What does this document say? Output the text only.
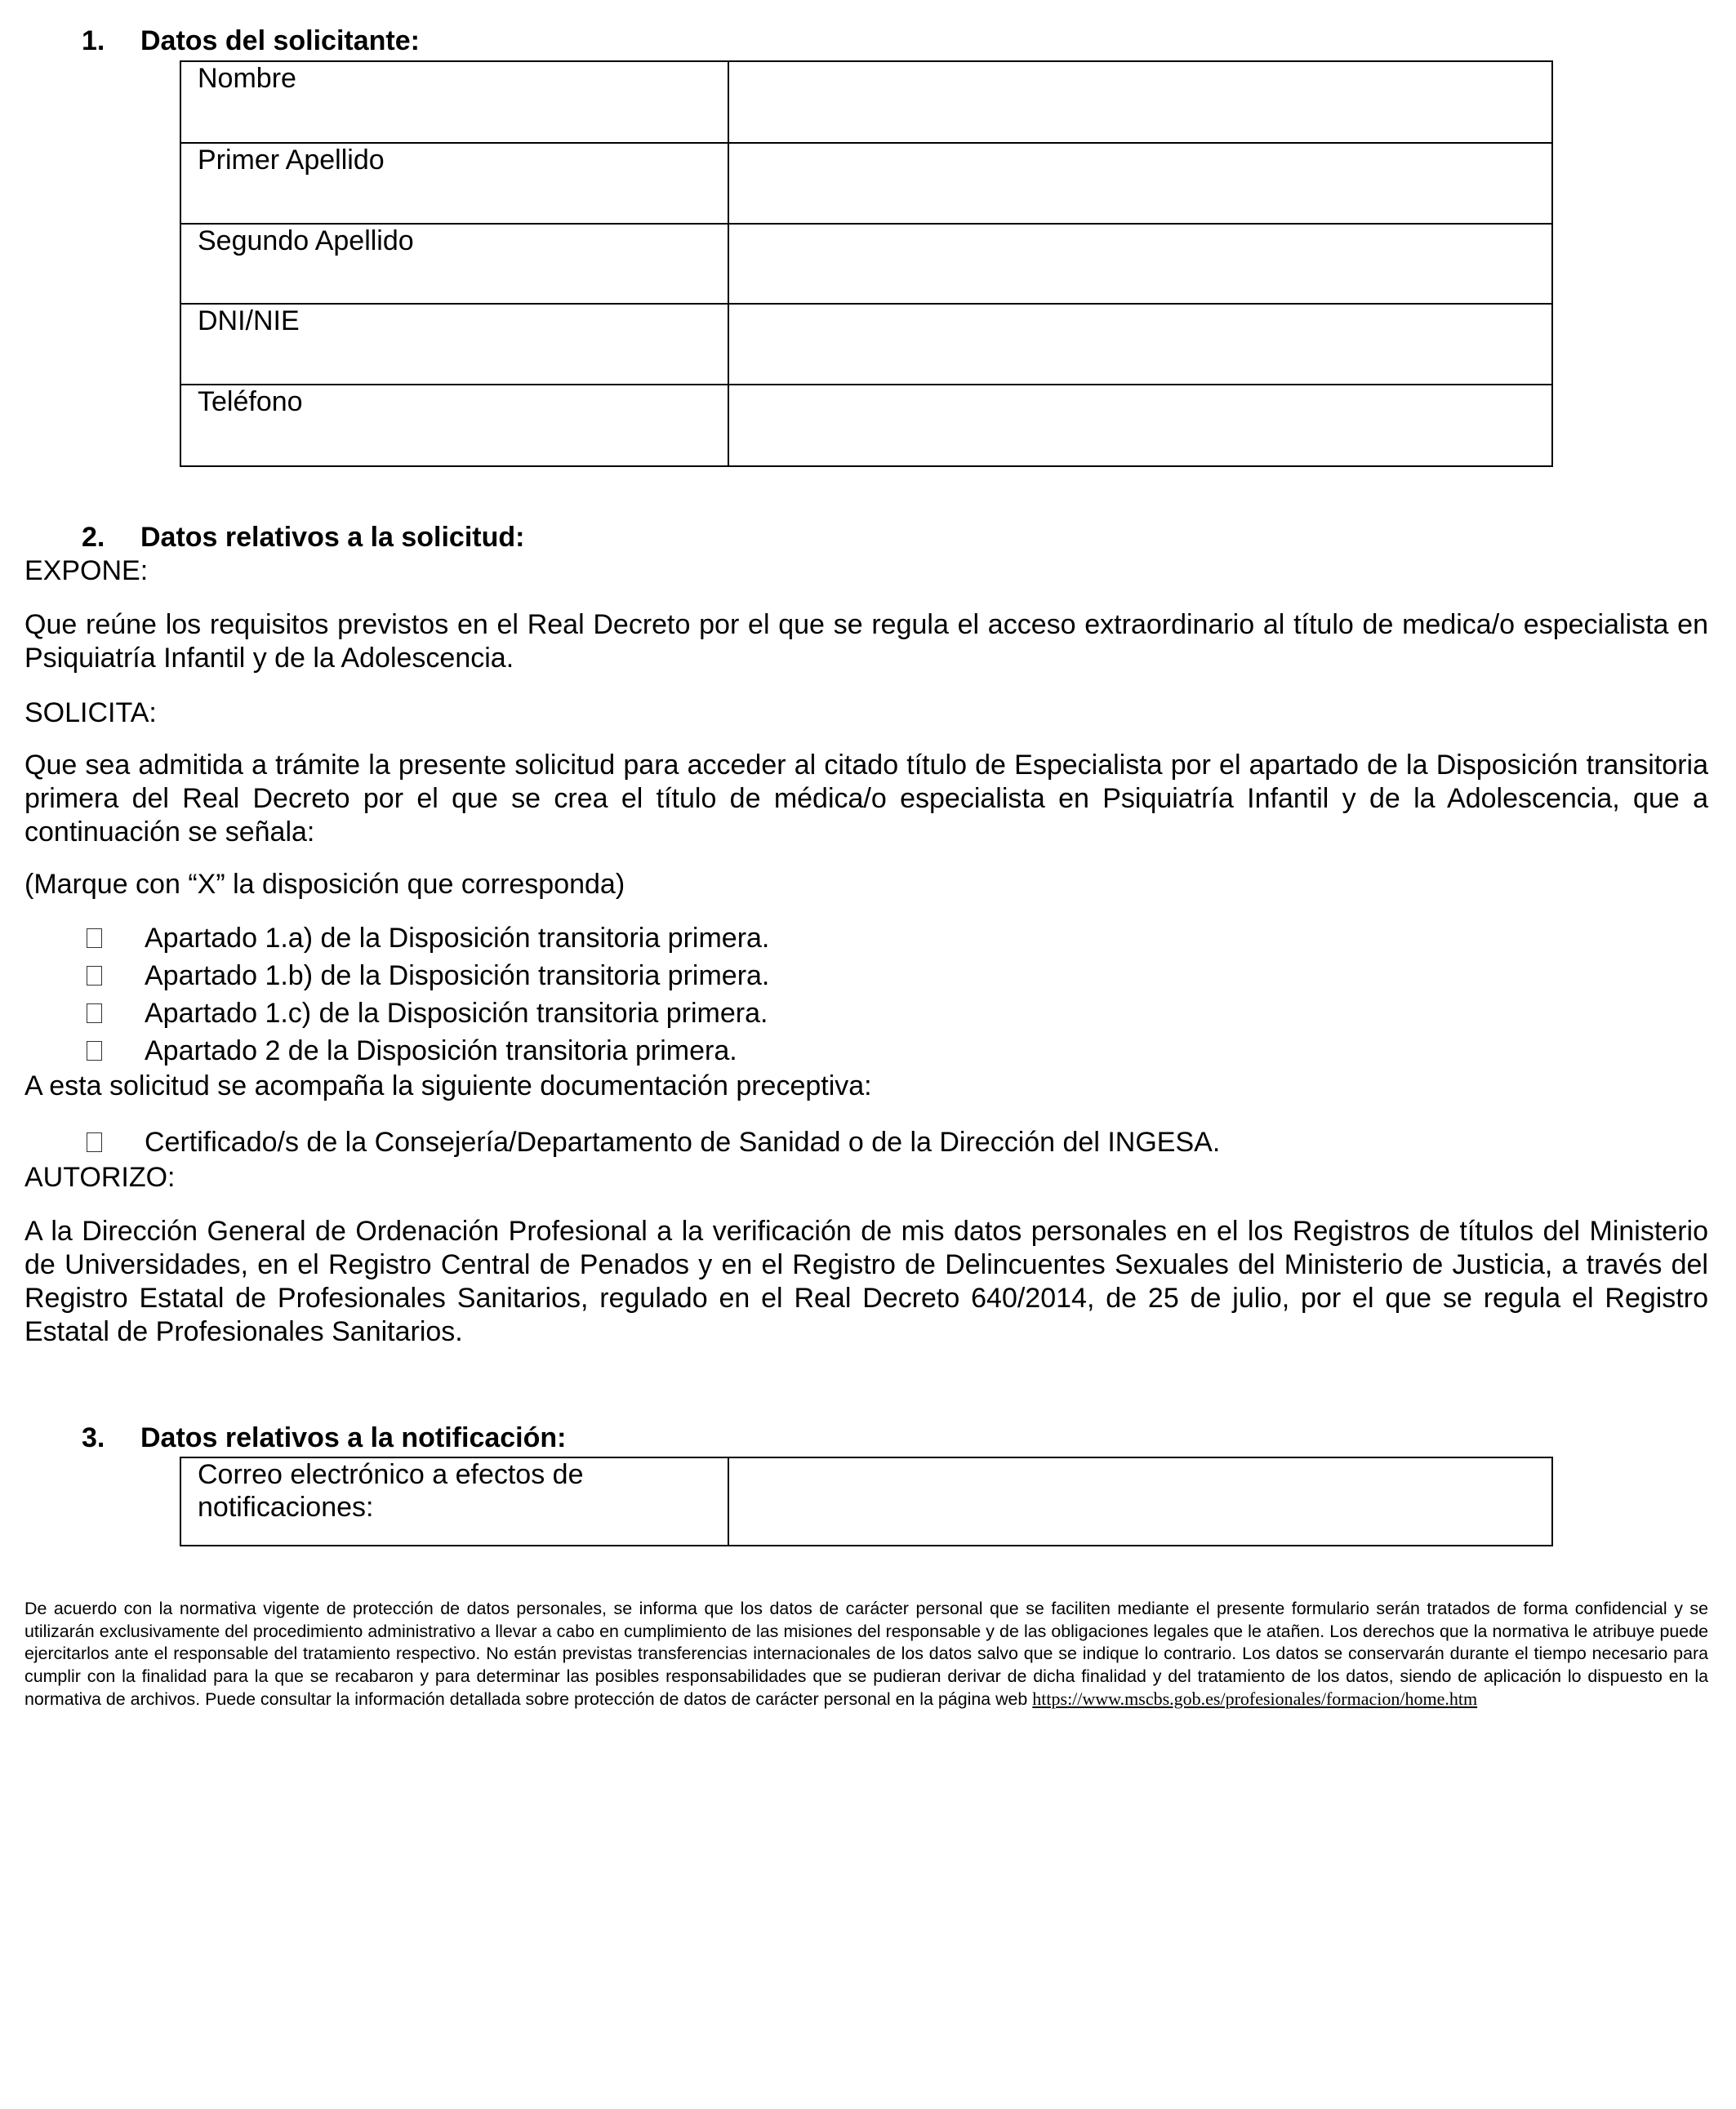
1. Datos del solicitante:
Nombre	
Primer Apellido	
Segundo Apellido	
DNI/NIE	
Teléfono	
2. Datos relativos a la solicitud:
EXPONE:
Que reúne los requisitos previstos en el Real Decreto por el que se regula el acceso extraordinario al título de medica/o especialista en Psiquiatría Infantil y de la Adolescencia.
SOLICITA:
Que sea admitida a trámite la presente solicitud para acceder al citado título de Especialista por el apartado de la Disposición transitoria primera del Real Decreto por el que se crea el título de médica/o especialista en Psiquiatría Infantil y de la Adolescencia, que a continuación se señala:
(Marque con “X” la disposición que corresponda)
Apartado 1.a) de la Disposición transitoria primera.
Apartado 1.b) de la Disposición transitoria primera.
Apartado 1.c) de la Disposición transitoria primera.
Apartado 2 de la Disposición transitoria primera.
A esta solicitud se acompaña la siguiente documentación preceptiva:
Certificado/s de la Consejería/Departamento de Sanidad o de la Dirección del INGESA.
AUTORIZO:
A la Dirección General de Ordenación Profesional a la verificación de mis datos personales en el los Registros de títulos del Ministerio de Universidades, en el Registro Central de Penados y en el Registro de Delincuentes Sexuales del Ministerio de Justicia, a través del Registro Estatal de Profesionales Sanitarios, regulado en el Real Decreto 640/2014, de 25 de julio, por el que se regula el Registro Estatal de Profesionales Sanitarios.
3. Datos relativos a la notificación:
Correo electrónico a efectos de notificaciones:	
De acuerdo con la normativa vigente de protección de datos personales, se informa que los datos de carácter personal que se faciliten mediante el presente formulario serán tratados de forma confidencial y se utilizarán exclusivamente del procedimiento administrativo a llevar a cabo en cumplimiento de las misiones del responsable y de las obligaciones legales que le atañen. Los derechos que la normativa le atribuye puede ejercitarlos ante el responsable del tratamiento respectivo. No están previstas transferencias internacionales de los datos salvo que se indique lo contrario. Los datos se conservarán durante el tiempo necesario para cumplir con la finalidad para la que se recabaron y para determinar las posibles responsabilidades que se pudieran derivar de dicha finalidad y del tratamiento de los datos, siendo de aplicación lo dispuesto en la normativa de archivos. Puede consultar la información detallada sobre protección de datos de carácter personal en la página web https://www.mscbs.gob.es/profesionales/formacion/home.htm
